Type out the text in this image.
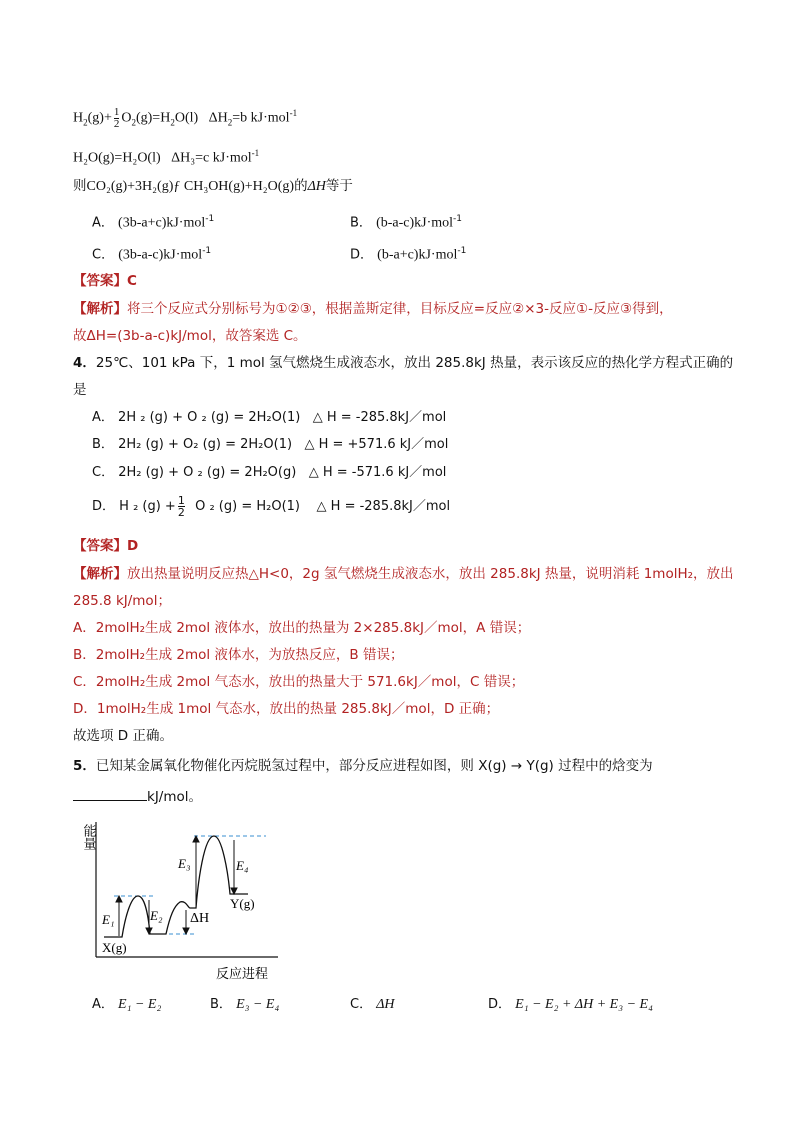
$H_2(g)+ \frac{1}{2} O_2(g)=H_2O(l)$ $\Delta H_2=b$ kJ·mol$^{-1}$
H₂O(g)=H₂O(l) ΔH₃=c kJ·mol$^{-1}$
则CO₂(g)+3H₂(g)ƒ CH₃OH(g)+H₂O(g)的ΔH等于
A． (3b-a+c)kJ·mol$^{-1}$	B． (b-a-c)kJ·mol$^{-1}$
C． (3b-a-c)kJ·mol$^{-1}$	D． (b-a+c)kJ·mol$^{-1}$
【答案】C
【解析】将三个反应式分别标号为①②③，根据盖斯定律，目标反应=反应②×3-反应①-反应③得到，
故ΔH=(3b-a-c)kJ/mol，故答案选 C。
4．25℃、101 kPa 下，1 mol 氢气燃烧生成液态水，放出 285.8kJ 热量，表示该反应的热化学方程式正确的
是
A． 2H ₂ (g) + O ₂ (g) = 2H₂O(1) △ H = -285.8kJ／mol
B． 2H₂ (g) + O₂ (g) = 2H₂O(1) △ H = +571.6 kJ／mol
C． 2H₂ (g) + O ₂ (g) = 2H₂O(g) △ H = -571.6 kJ／mol
D． H ₂ $(g) + \frac{1}{2}$ O ₂ (g) = H₂O(1) △ H = -285.8kJ／mol
【答案】D
【解析】放出热量说明反应热△H<0，2g 氢气燃烧生成液态水，放出 285.8kJ 热量，说明消耗 1molH₂，放出
285.8 kJ/mol；
A．2molH₂生成 2mol 液体水，放出的热量为 2×285.8kJ／mol，A 错误；
B．2molH₂生成 2mol 液体水，为放热反应，B 错误；
C．2molH₂生成 2mol 气态水，放出的热量大于 571.6kJ／mol，C 错误；
D．1molH₂生成 1mol 气态水，放出的热量 285.8kJ／mol，D 正确；
故选项 D 正确。
5．已知某金属氧化物催化丙烷脱氢过程中，部分反应进程如图，则 X(g) → Y(g) 过程中的焓变为
kJ/mol。
能量
反应进程
E₁	E₂
E₃	E₄
ΔH
X(g)
Y(g)
A． E₁ − E₂	B． E₃ − E₄	C． ΔH	D． E₁ − E₂ + ΔH + E₃ − E₄
